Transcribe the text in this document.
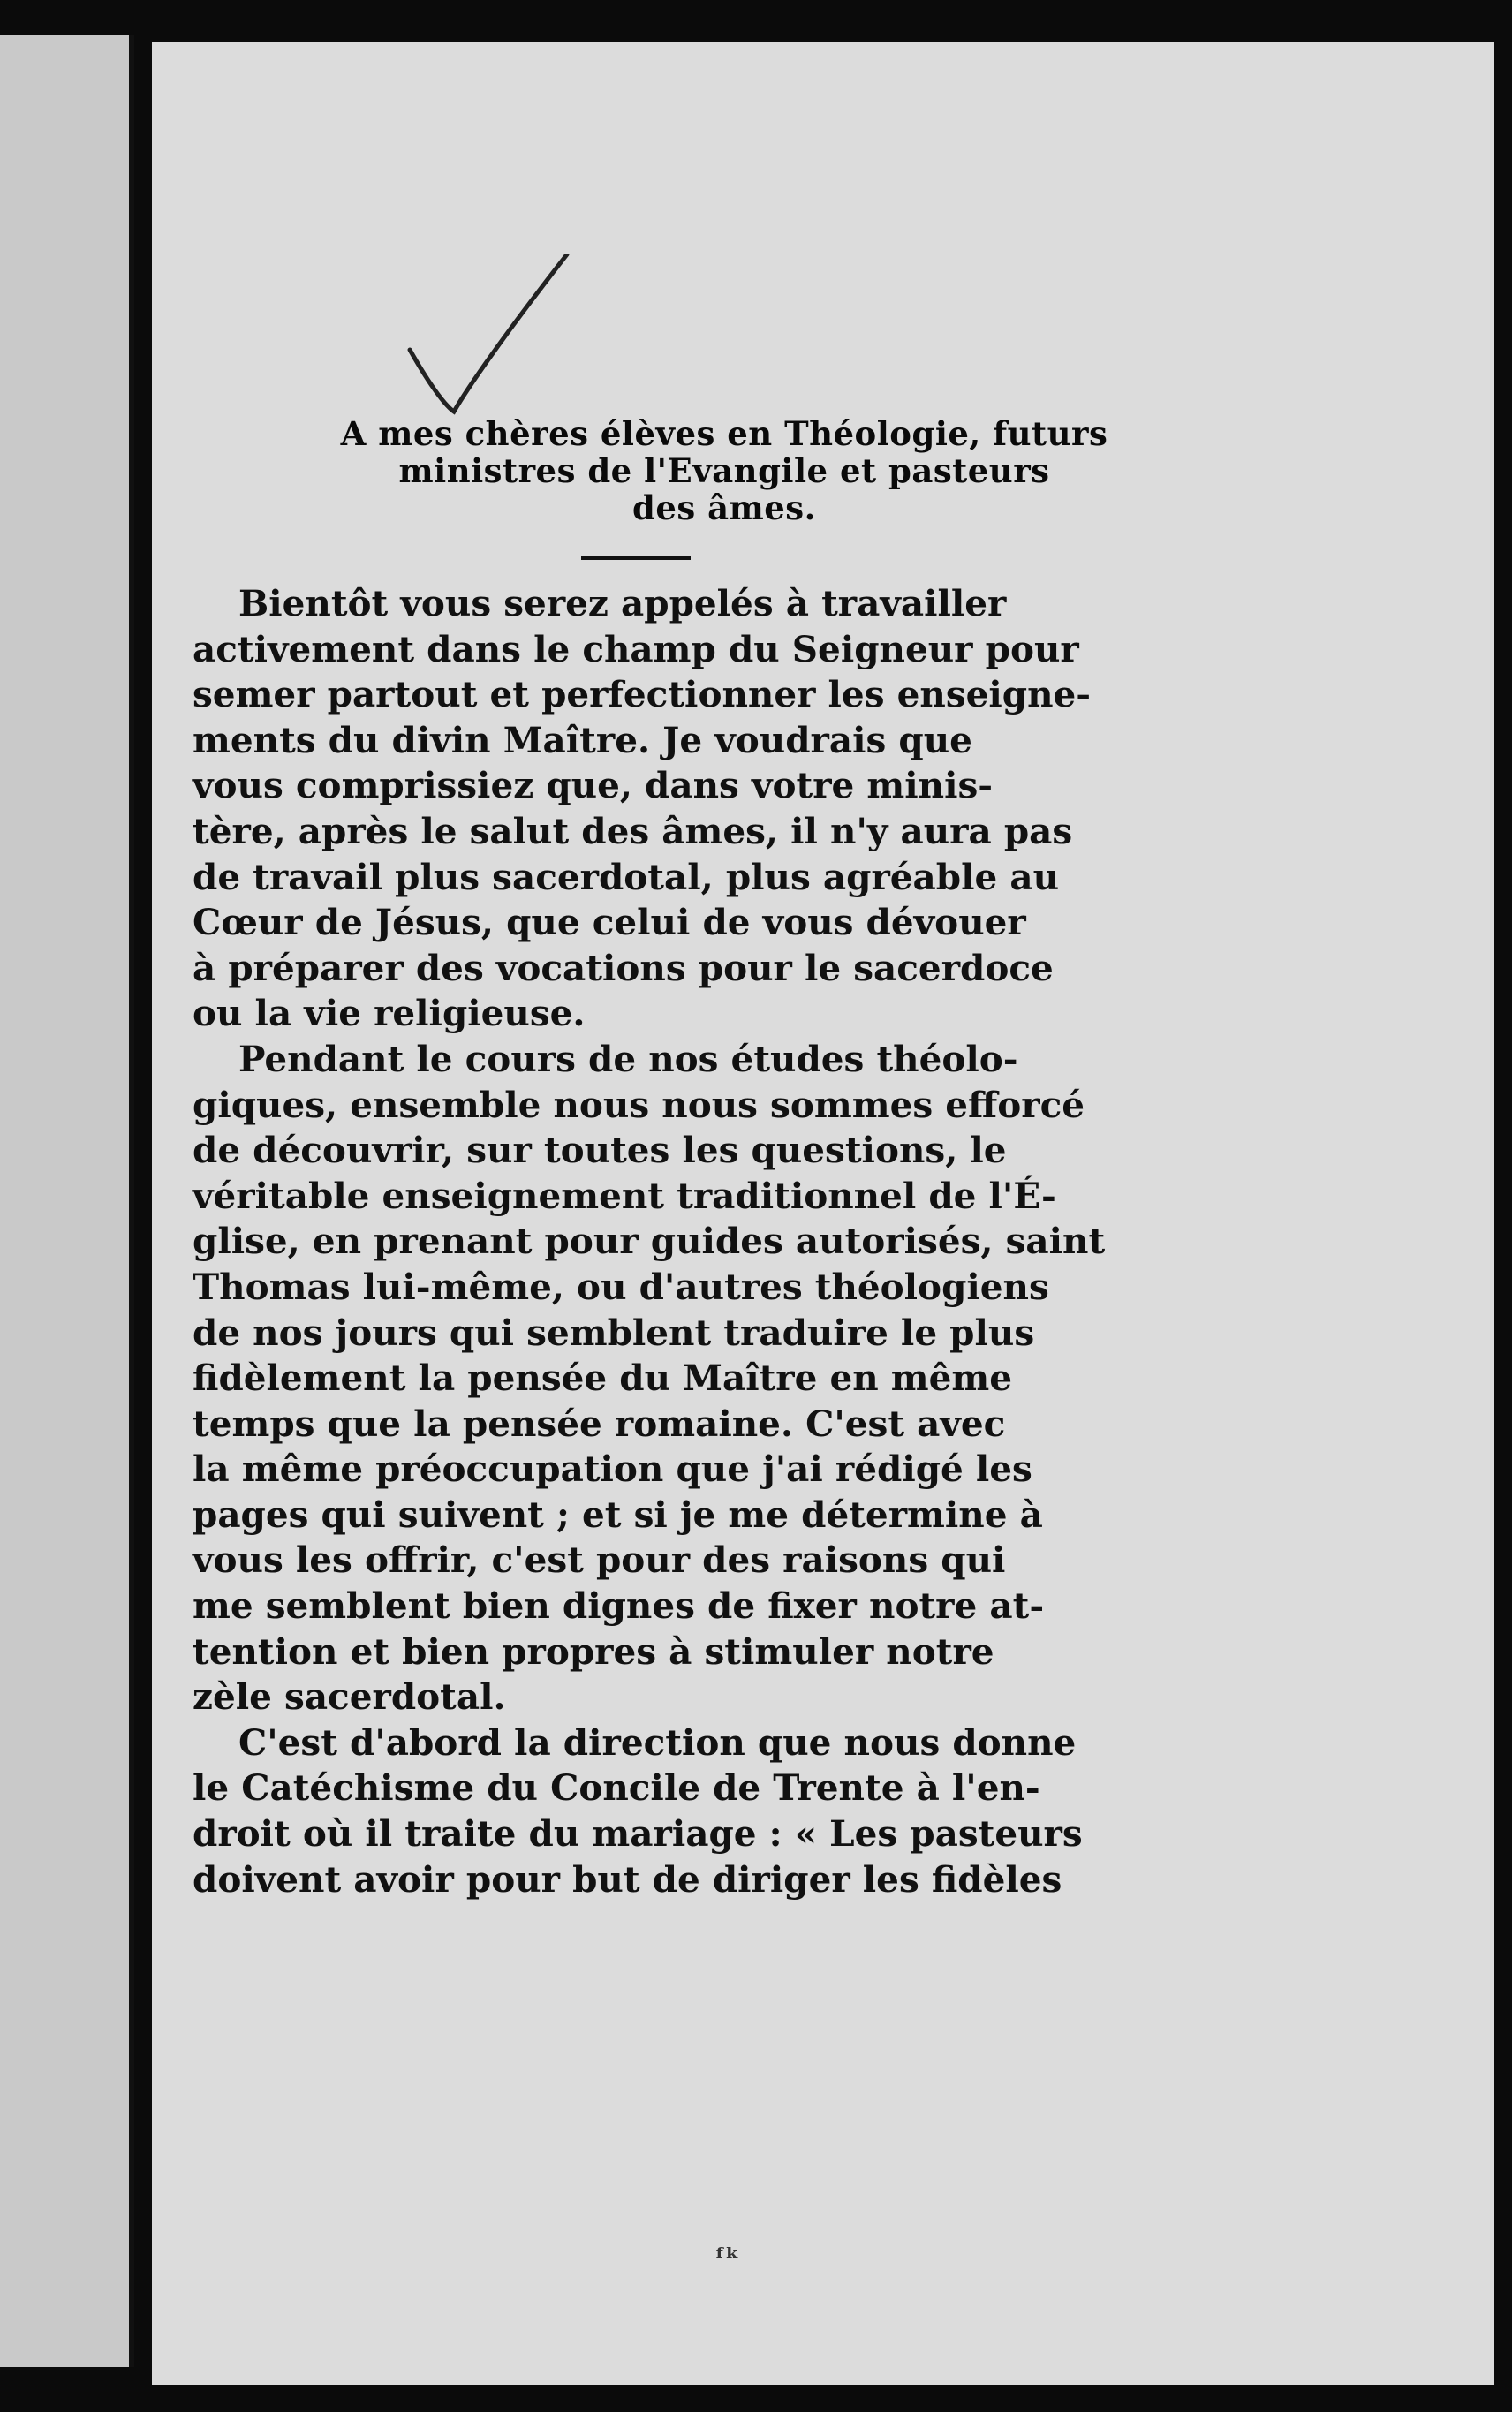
A mes chères élèves en Théologie, futurs
ministres de l'Evangile et pasteurs
des âmes.

Bientôt vous serez appelés à travailler
activement dans le champ du Seigneur pour
semer partout et perfectionner les enseigne-
ments du divin Maître. Je voudrais que
vous comprissiez que, dans votre minis-
tère, après le salut des âmes, il n'y aura pas
de travail plus sacerdotal, plus agréable au
Cœur de Jésus, que celui de vous dévouer
à préparer des vocations pour le sacerdoce
ou la vie religieuse.

Pendant le cours de nos études théolo-
giques, ensemble nous nous sommes efforcé
de découvrir, sur toutes les questions, le
véritable enseignement traditionnel de l'É-
glise, en prenant pour guides autorisés, saint
Thomas lui-même, ou d'autres théologiens
de nos jours qui semblent traduire le plus
fidèlement la pensée du Maître en même
temps que la pensée romaine. C'est avec
la même préoccupation que j'ai rédigé les
pages qui suivent ; et si je me détermine à
vous les offrir, c'est pour des raisons qui
me semblent bien dignes de fixer notre at-
tention et bien propres à stimuler notre
zèle sacerdotal.

C'est d'abord la direction que nous donne
le Catéchisme du Concile de Trente à l'en-
droit où il traite du mariage : « Les pasteurs
doivent avoir pour but de diriger les fidèles

ᶠᵏ
